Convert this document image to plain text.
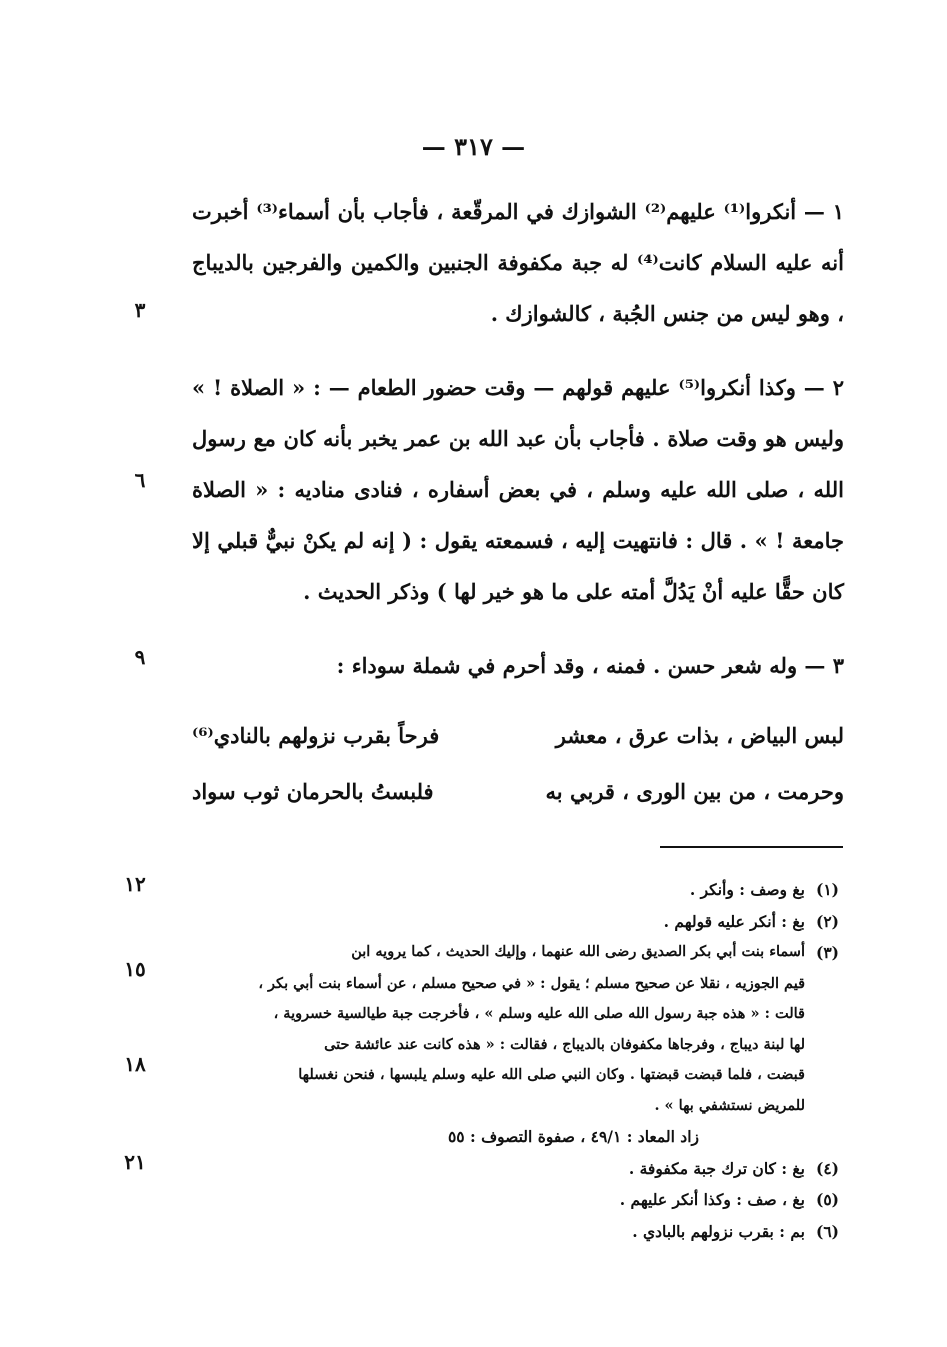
— ٣١٧ —
١ — أنكروا⁽¹⁾ عليهم⁽²⁾ الشوازك في المرقّعة ، فأجاب بأن أسماء⁽³⁾ أخبرت أنه عليه السلام كانت⁽⁴⁾ له جبة مكفوفة الجنبين والكمين والفرجين بالديباج ، وهو ليس من جنس الجُبة ، كالشوازك .
٢ — وكذا أنكروا⁽⁵⁾ عليهم قولهم — وقت حضور الطعام — : « الصلاة ! » وليس هو وقت صلاة . فأجاب بأن عبد الله بن عمر يخبر بأنه كان مع رسول الله ، صلى الله عليه وسلم ، في بعض أسفاره ، فنادى مناديه : « الصلاة جامعة ! » . قال : فانتهيت إليه ، فسمعته يقول : ( إنه لم يكنْ نبيٌّ قبلي إلا كان حقًّا عليه أنْ يَدُلَّ أمته على ما هو خير لها ) وذكر الحديث .
٣ — وله شعر حسن . فمنه ، وقد أحرم في شملة سوداء :
لبس البياض ، بذات عرق ، معشر
فرحاً بقرب نزولهم بالنادي⁽⁶⁾
وحرمت ، من بين الورى ، قربي به
فلبستُ بالحرمان ثوب سواد
٣
٦
٩
١٢
١٥
١٨
٢١
(١)
بغ وصف : وأنكر .
(٢)
بغ : أنكر عليه قولهم .
(٣)
أسماء بنت أبي بكر الصديق رضى الله عنهما ، وإليك الحديث ، كما يرويه ابن
قيم الجوزيه ، نقلا عن صحيح مسلم ؛ يقول : « في صحيح مسلم ، عن أسماء بنت أبي بكر ،
قالت : « هذه جبة رسول الله صلى الله عليه وسلم » ، فأخرجت جبة طيالسية خسروية ،
لها لبنة ديباج ، وفرجاها مكفوفان بالديباج ، فقالت : « هذه كانت عند عائشة حتى
قبضت ، فلما قبضت قبضتها . وكان النبي صلى الله عليه وسلم يلبسها ، فنحن نغسلها
للمريض نستشفي بها » .
زاد المعاد : ٤٩/١ ، صفوة التصوف : ٥٥
(٤)
بغ : كان ترك جبة مكفوفة .
(٥)
بغ ، صف : وكذا أنكر عليهم .
(٦)
بم : بقرب نزولهم بالبادي .
